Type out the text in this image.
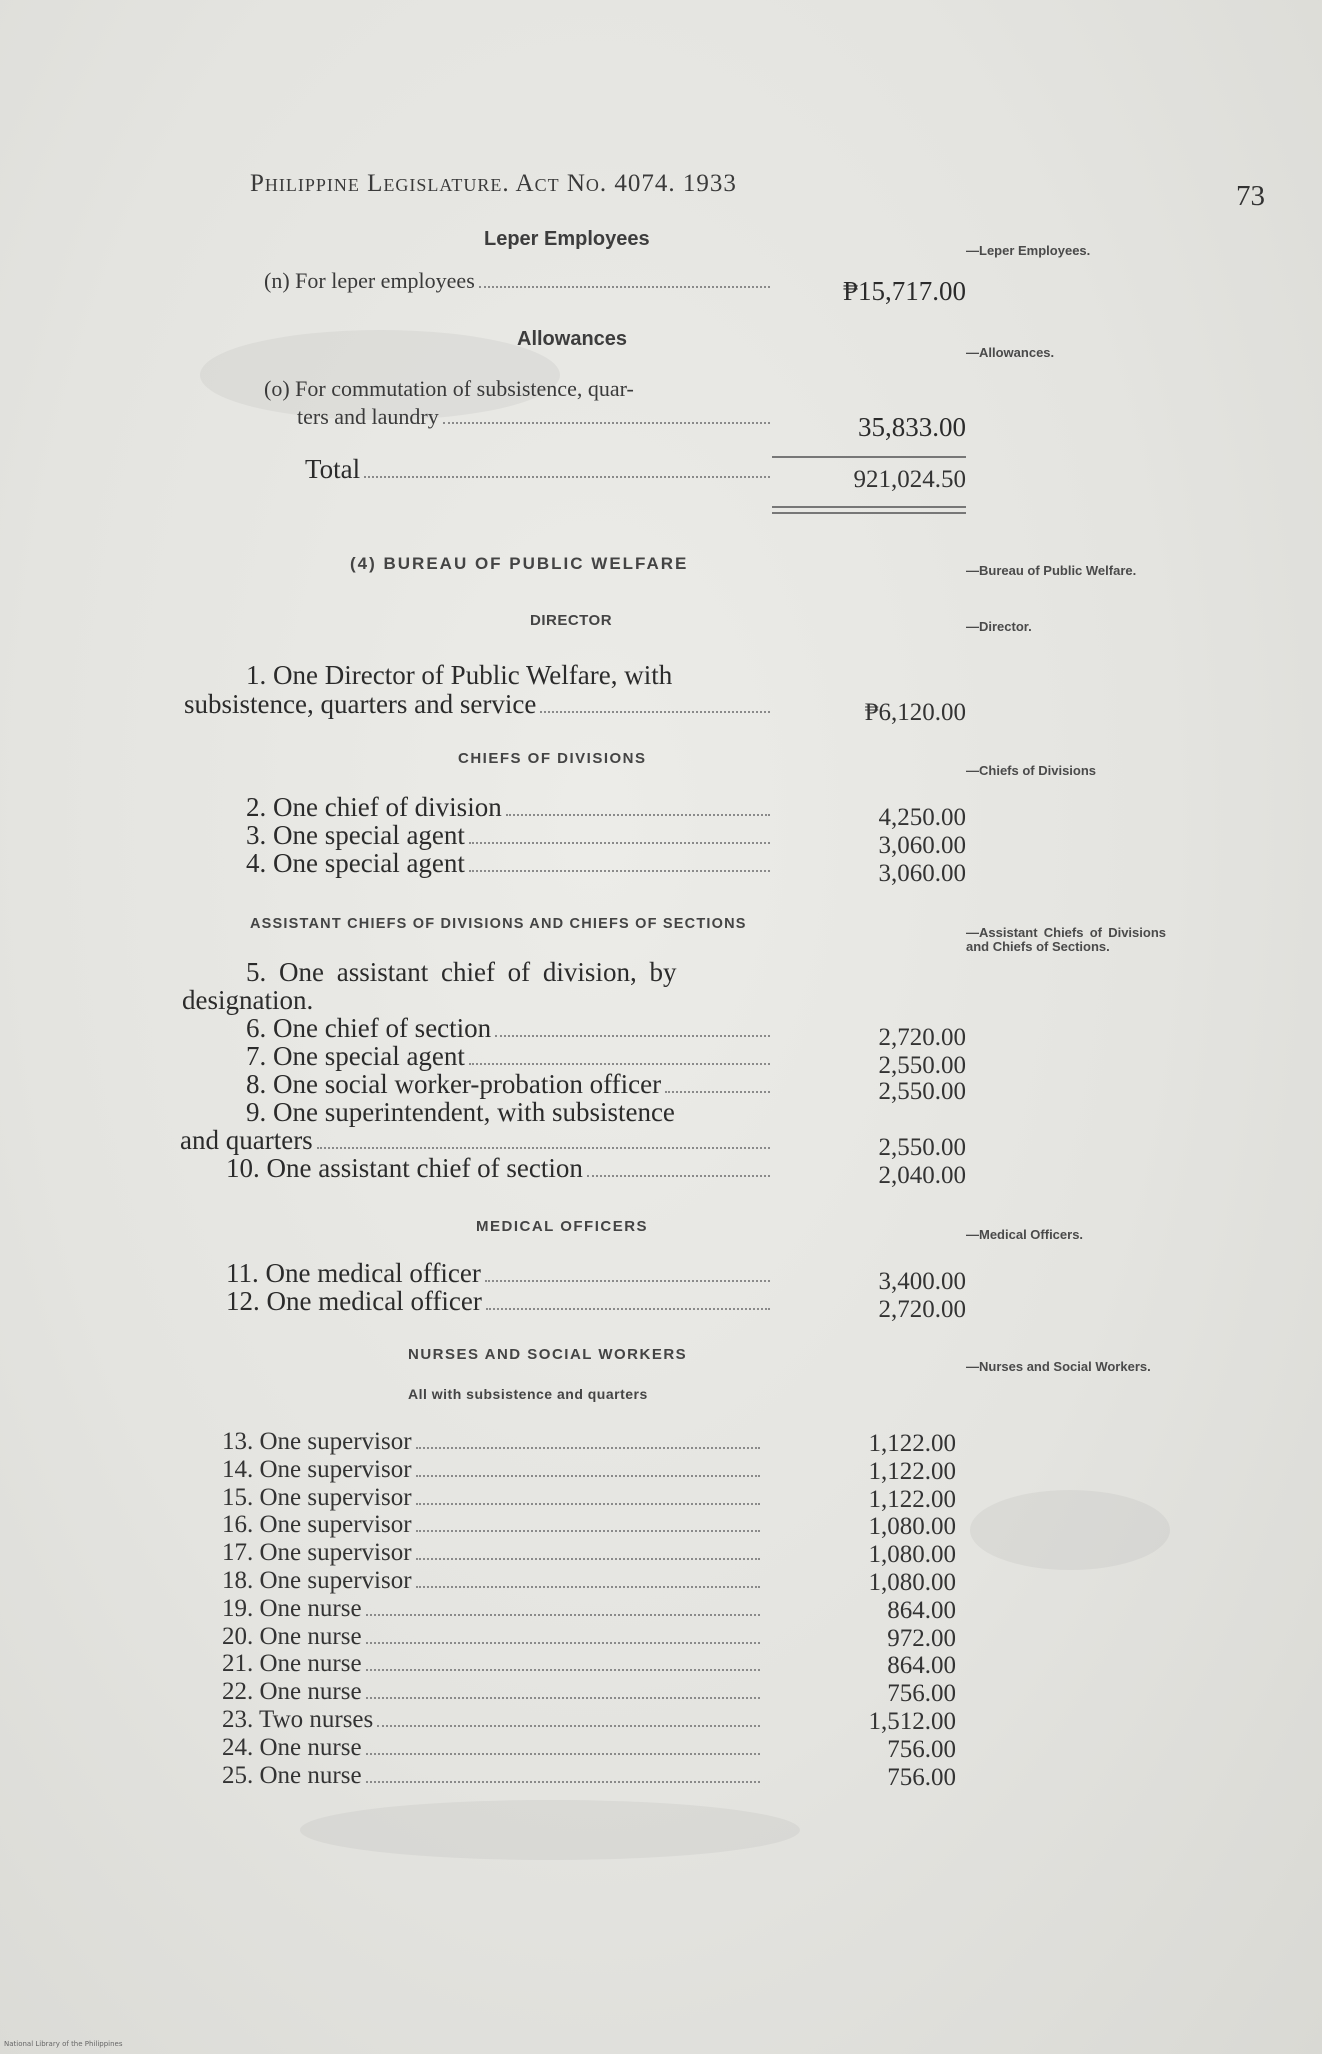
Philippine Legislature. Act No. 4074. 1933	73
Leper Employees
—Leper Employees.
(n) For leper employees	₱15,717.00
Allowances
—Allowances.
(o) For commutation of subsistence, quar-
ters and laundry	35,833.00
Total	921,024.50
(4) BUREAU OF PUBLIC WELFARE	—Bureau of Public Welfare.
DIRECTOR	—Director.
1. One Director of Public Welfare, with
subsistence, quarters and service	₱6,120.00
CHIEFS OF DIVISIONS
—Chiefs of Divisions
2. One chief of division	4,250.00
3. One special agent	3,060.00
4. One special agent	3,060.00
ASSISTANT CHIEFS OF DIVISIONS AND CHIEFS OF SECTIONS
—Assistant Chiefs of Divisions and Chiefs of Sections.
5. One assistant chief of division, by
designation.
6. One chief of section	2,720.00
7. One special agent	2,550.00
8. One social worker-probation officer	2,550.00
9. One superintendent, with subsistence
and quarters	2,550.00
10. One assistant chief of section	2,040.00
MEDICAL OFFICERS	—Medical Officers.
11. One medical officer	3,400.00
12. One medical officer	2,720.00
NURSES AND SOCIAL WORKERS
All with subsistence and quarters
—Nurses and Social Workers.
13. One supervisor	1,122.00
14. One supervisor	1,122.00
15. One supervisor	1,122.00
16. One supervisor	1,080.00
17. One supervisor	1,080.00
18. One supervisor	1,080.00
19. One nurse	864.00
20. One nurse	972.00
21. One nurse	864.00
22. One nurse	756.00
23. Two nurses	1,512.00
24. One nurse	756.00
25. One nurse	756.00
National Library of the Philippines
